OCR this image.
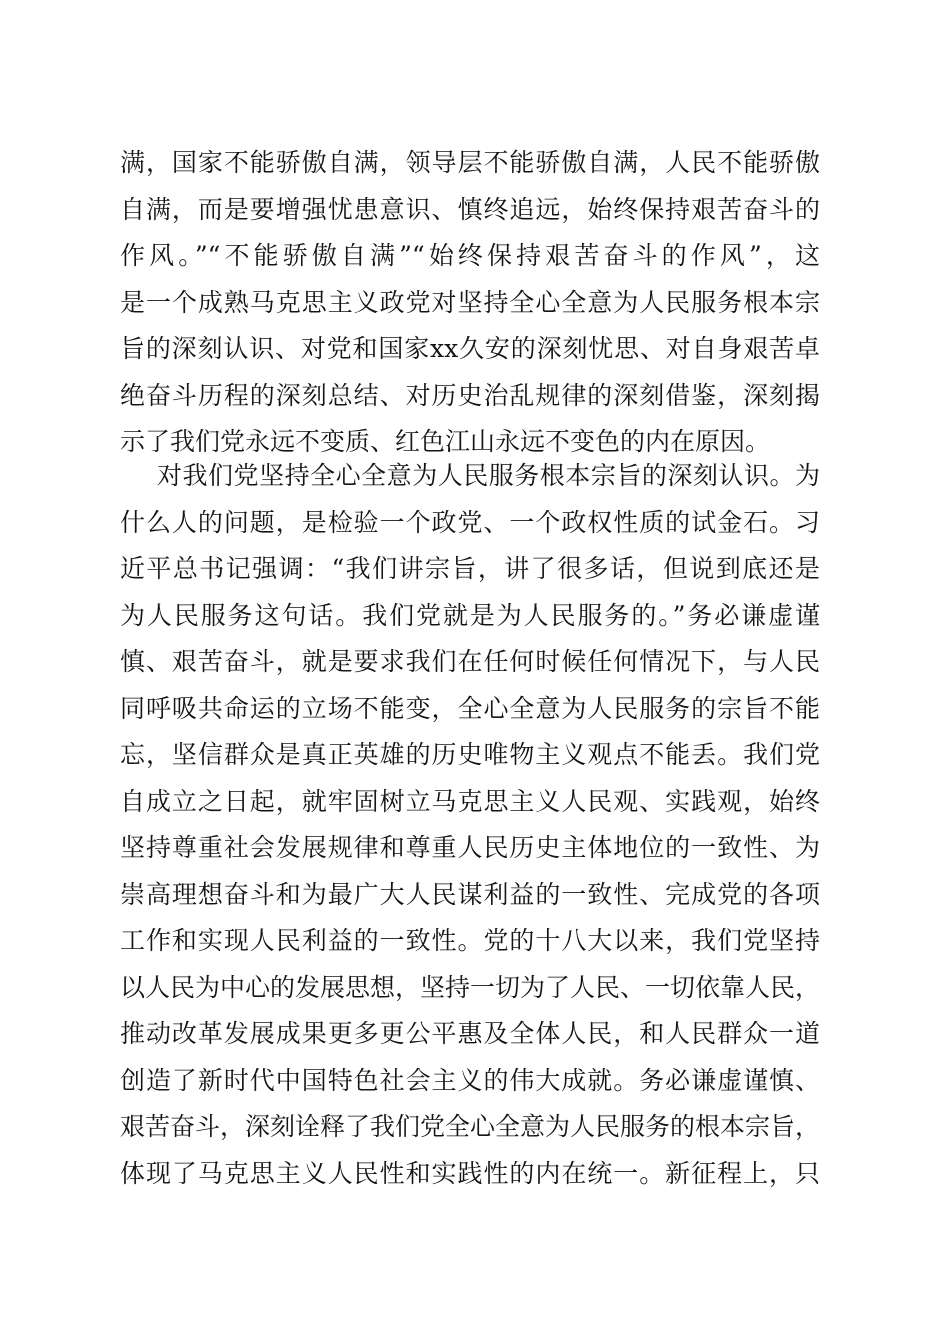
满，国家不能骄傲自满，领导层不能骄傲自满，人民不能骄傲
自满，而是要增强忧患意识、慎终追远，始终保持艰苦奋斗的
作风。”“不能骄傲自满”“始终保持艰苦奋斗的作风”，这
是一个成熟马克思主义政党对坚持全心全意为人民服务根本宗
旨的深刻认识、对党和国家xx久安的深刻忧思、对自身艰苦卓
绝奋斗历程的深刻总结、对历史治乱规律的深刻借鉴，深刻揭
示了我们党永远不变质、红色江山永远不变色的内在原因。
对我们党坚持全心全意为人民服务根本宗旨的深刻认识。为
什么人的问题，是检验一个政党、一个政权性质的试金石。习
近平总书记强调：“我们讲宗旨，讲了很多话，但说到底还是
为人民服务这句话。我们党就是为人民服务的。”务必谦虚谨
慎、艰苦奋斗，就是要求我们在任何时候任何情况下，与人民
同呼吸共命运的立场不能变，全心全意为人民服务的宗旨不能
忘，坚信群众是真正英雄的历史唯物主义观点不能丢。我们党
自成立之日起，就牢固树立马克思主义人民观、实践观，始终
坚持尊重社会发展规律和尊重人民历史主体地位的一致性、为
崇高理想奋斗和为最广大人民谋利益的一致性、完成党的各项
工作和实现人民利益的一致性。党的十八大以来，我们党坚持
以人民为中心的发展思想，坚持一切为了人民、一切依靠人民，
推动改革发展成果更多更公平惠及全体人民，和人民群众一道
创造了新时代中国特色社会主义的伟大成就。务必谦虚谨慎、
艰苦奋斗，深刻诠释了我们党全心全意为人民服务的根本宗旨，
体现了马克思主义人民性和实践性的内在统一。新征程上，只
